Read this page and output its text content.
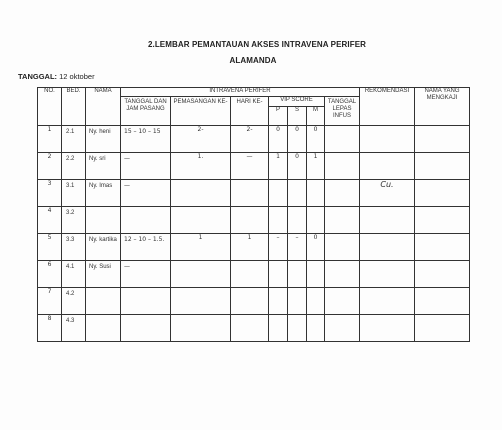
2.LEMBAR PEMANTAUAN AKSES INTRAVENA PERIFER
ALAMANDA
TANGGAL: 12 oktober
NO.	BED.	NAMA	INTRAVENA PERIFER							REKOMENDASI	NAMA YANG MENGKAJI
			TANGGAL DAN JAM PASANG	PEMASANGAN KE-	HARI KE-	VIP SCORE			TANGGAL LEPAS INFUS		
						P	S	M			
1	2.1	Ny. heni	15 – 10 – 15	2-	2-	0	0	0			
2	2.2	Ny. sri	—	1.	—	1	0	1			
3	3.1	Ny. Imas	—							Cu.	
4	3.2										
5	3.3	Ny. kartika	12 – 10 – 1.5.	1	1	–	–	0			
6	4.1	Ny. Susi	—								
7	4.2										
8	4.3										
